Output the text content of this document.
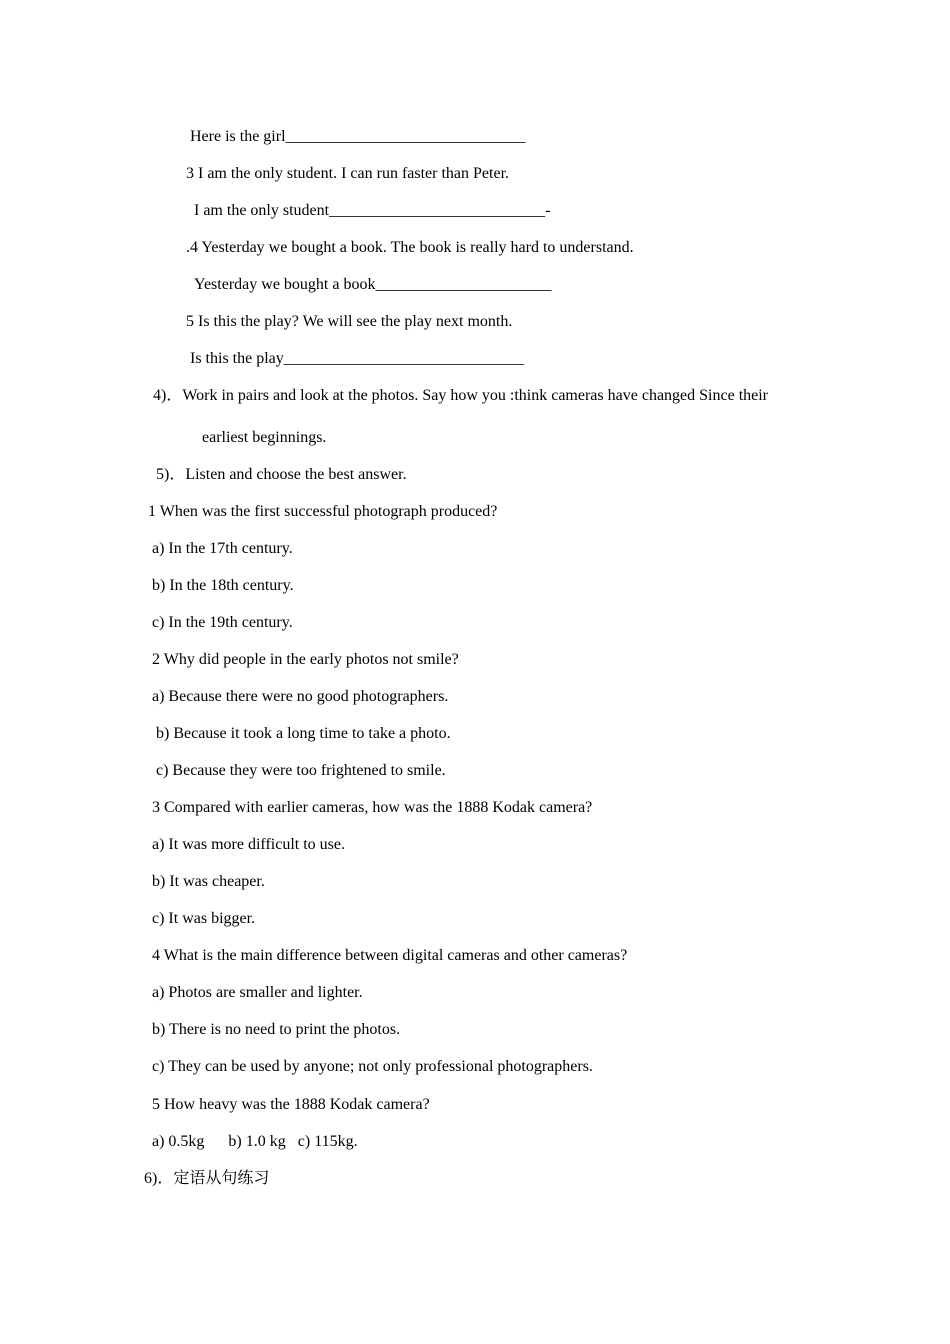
Here is the girl______________________________
3 I am the only student. I can run faster than Peter.
I am the only student___________________________-
.4 Yesterday we bought a book. The book is really hard to understand.
Yesterday we bought a book______________________
5 Is this the play? We will see the play next month.
Is this the play______________________________
4)．Work in pairs and look at the photos. Say how you :think cameras have changed Since their
earliest beginnings.
5)．Listen and choose the best answer.
1 When was the first successful photograph produced?
a) In the 17th century.
b) In the 18th century.
c) In the 19th century.
2 Why did people in the early photos not smile?
a) Because there were no good photographers.
b) Because it took a long time to take a photo.
c) Because they were too frightened to smile.
3 Compared with earlier cameras, how was the 1888 Kodak camera?
a) It was more difficult to use.
b) It was cheaper.
c) It was bigger.
4 What is the main difference between digital cameras and other cameras?
a) Photos are smaller and lighter.
b) There is no need to print the photos.
c) They can be used by anyone; not only professional photographers.
5 How heavy was the 1888 Kodak camera?
a) 0.5kg      b) 1.0 kg   c) 115kg.
6)．定语从句练习
